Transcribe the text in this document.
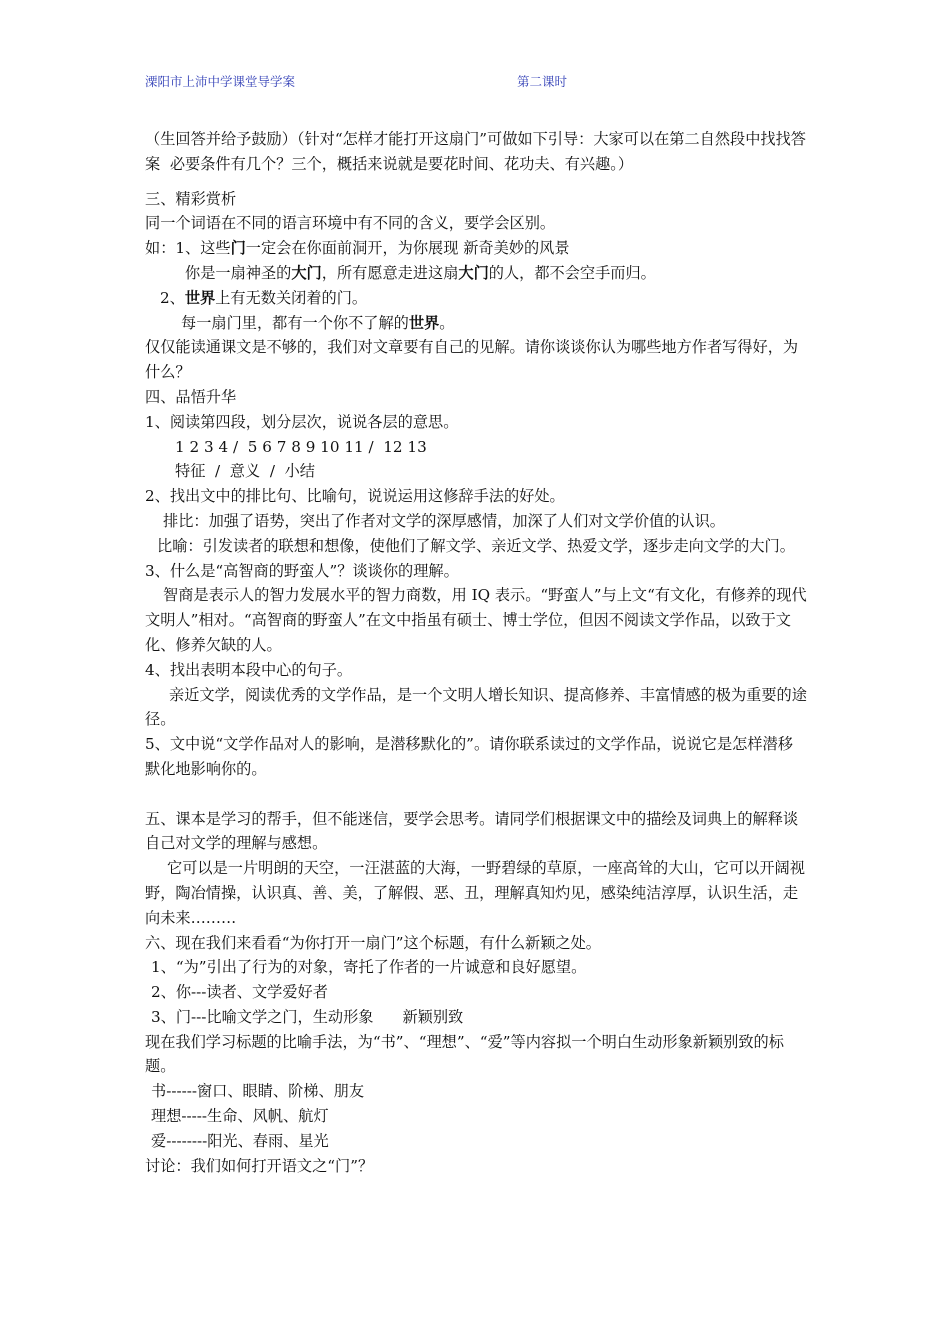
溧阳市上沛中学课堂导学案	第二课时

（生回答并给予鼓励）（针对“怎样才能打开这扇门”可做如下引导：大家可以在第二自然段中找找答案  必要条件有几个？三个，概括来说就是要花时间、花功夫、有兴趣。）

三、精彩赏析

同一个词语在不同的语言环境中有不同的含义，要学会区别。

如：1、这些门一定会在你面前洞开，为你展现 新奇美妙的风景

你是一扇神圣的大门，所有愿意走进这扇大门的人，都不会空手而归。

2、世界上有无数关闭着的门。

每一扇门里，都有一个你不了解的世界。

仅仅能读通课文是不够的，我们对文章要有自己的见解。请你谈谈你认为哪些地方作者写得好，为什么？

四、品悟升华

1、阅读第四段，划分层次，说说各层的意思。

1 2 3 4 /  5 6 7 8 9 10 11 /  12 13

特征  /  意义  /  小结

2、找出文中的排比句、比喻句，说说运用这修辞手法的好处。

排比：加强了语势，突出了作者对文学的深厚感情，加深了人们对文学价值的认识。

比喻：引发读者的联想和想像，使他们了解文学、亲近文学、热爱文学，逐步走向文学的大门。

3、什么是“高智商的野蛮人”？谈谈你的理解。

智商是表示人的智力发展水平的智力商数，用 IQ 表示。“野蛮人”与上文“有文化，有修养的现代文明人”相对。“高智商的野蛮人”在文中指虽有硕士、博士学位，但因不阅读文学作品，以致于文化、修养欠缺的人。

4、找出表明本段中心的句子。

亲近文学，阅读优秀的文学作品，是一个文明人增长知识、提高修养、丰富情感的极为重要的途径。

5、文中说“文学作品对人的影响，是潜移默化的”。请你联系读过的文学作品，说说它是怎样潜移默化地影响你的。

五、课本是学习的帮手，但不能迷信，要学会思考。请同学们根据课文中的描绘及词典上的解释谈自己对文学的理解与感想。

它可以是一片明朗的天空，一汪湛蓝的大海，一野碧绿的草原，一座高耸的大山，它可以开阔视野，陶冶情操，认识真、善、美，了解假、恶、丑，理解真知灼见，感染纯洁淳厚，认识生活，走向未来………

六、现在我们来看看“为你打开一扇门”这个标题，有什么新颖之处。

1、“为”引出了行为的对象，寄托了作者的一片诚意和良好愿望。

2、你---读者、文学爱好者

3、门---比喻文学之门，生动形象      新颖别致

现在我们学习标题的比喻手法，为“书”、“理想”、“爱”等内容拟一个明白生动形象新颖别致的标题。

书------窗口、眼睛、阶梯、朋友

理想-----生命、风帆、航灯

爱--------阳光、春雨、星光

讨论：我们如何打开语文之“门”？
